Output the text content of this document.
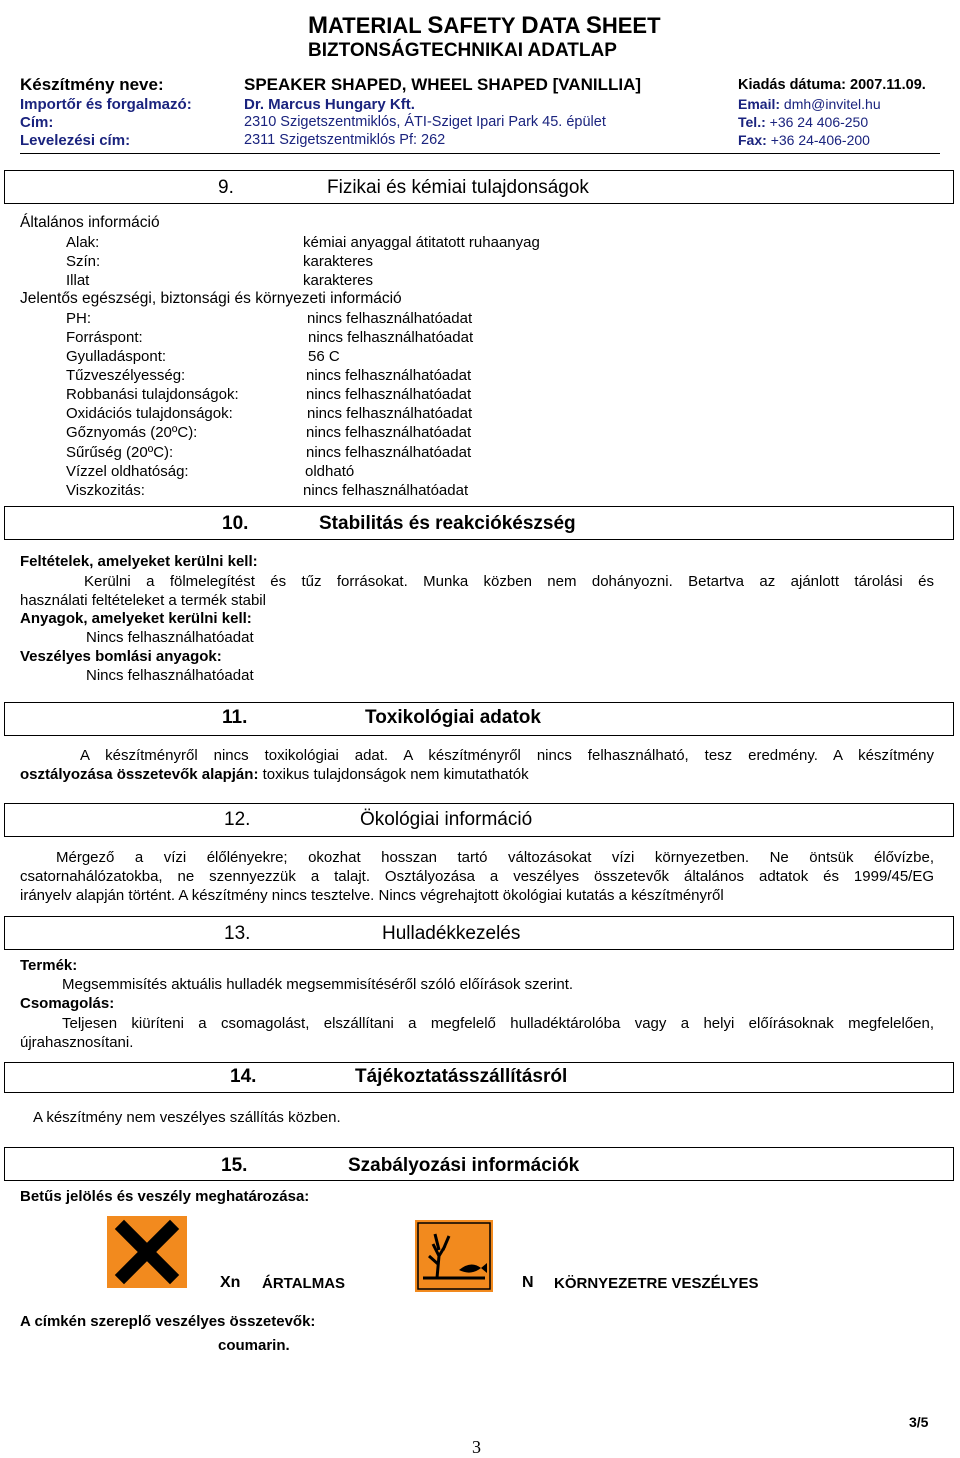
MATERIAL SAFETY DATA SHEET
BIZTONSÁGTECHNIKAI ADATLAP
Készítmény neve:	SPEAKER SHAPED, WHEEL SHAPED [VANILLIA]	Kiadás dátuma: 2007.11.09.
Importőr és forgalmazó:	Dr. Marcus Hungary Kft.	Email: dmh@invitel.hu
Cím:	2310 Szigetszentmiklós, ÁTI-Sziget Ipari Park 45. épület	Tel.: +36 24 406-250
Levelezési cím:	2311 Szigetszentmiklós Pf: 262	Fax: +36 24-406-200
9.	Fizikai és kémiai tulajdonságok
Általános információ
Alak:	kémiai anyaggal átitatott ruhaanyag
Szín:	karakteres
Illat	karakteres
Jelentős egészségi, biztonsági és környezeti információ
PH:	nincs felhasználhatóadat
Forráspont:	nincs felhasználhatóadat
Gyulladáspont:	56 C
Tűzveszélyesség:	nincs felhasználhatóadat
Robbanási tulajdonságok:	nincs felhasználhatóadat
Oxidációs tulajdonságok:	nincs felhasználhatóadat
Gőznyomás (20ºC):	nincs felhasználhatóadat
Sűrűség (20ºC):	nincs felhasználhatóadat
Vízzel oldhatóság:	oldható
Viszkozitás:	nincs felhasználhatóadat
10.	Stabilitás és reakciókészség
Feltételek, amelyeket kerülni kell:
Kerülni a fölmelegítést és tűz forrásokat. Munka közben nem dohányozni. Betartva az ajánlott tárolási és
használati feltételeket a termék stabil
Anyagok, amelyeket kerülni kell:
Nincs felhasználhatóadat
Veszélyes bomlási anyagok:
Nincs felhasználhatóadat
11.	Toxikológiai adatok
A készítményről nincs toxikológiai adat. A készítményről nincs felhasználható, tesz eredmény. A készítmény
osztályozása összetevők alapján: toxikus tulajdonságok nem kimutathatók
12.	Ökológiai információ
Mérgező a vízi élőlényekre; okozhat hosszan tartó változásokat vízi környezetben. Ne öntsük élővízbe,
csatornahálózatokba, ne szennyezzük a talajt. Osztályozása a veszélyes összetevők általános adtatok és 1999/45/EG
irányelv alapján történt. A készítmény nincs tesztelve. Nincs végrehajtott ökológiai kutatás a készítményről
13.	Hulladékkezelés
Termék:
Megsemmisítés aktuális hulladék megsemmisítéséről szóló előírások szerint.
Csomagolás:
Teljesen kiüríteni a csomagolást, elszállítani a megfelelő hulladéktárolóba vagy a helyi előírásoknak megfelelően,
újrahasznosítani.
14.	Tájékoztatásszállításról
A készítmény nem veszélyes szállítás közben.
15.	Szabályozási információk
Betűs jelölés és veszély meghatározása:
Xn ÁRTALMAS	N KÖRNYEZETRE VESZÉLYES
A címkén szereplő veszélyes összetevők:
coumarin.
3/5
3
